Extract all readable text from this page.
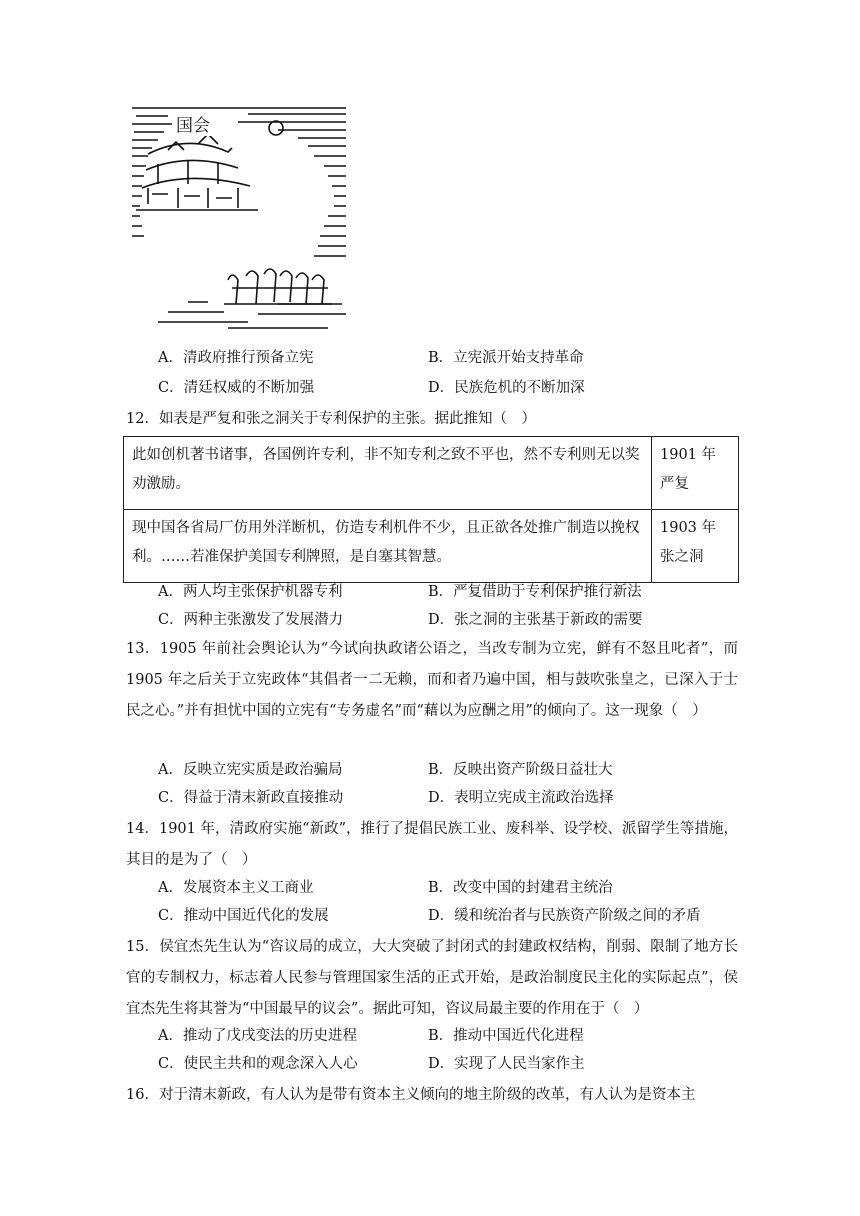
国会
A．清政府推行预备立宪	B．立宪派开始支持革命
C．清廷权威的不断加强	D．民族危机的不断加深
12．如表是严复和张之洞关于专利保护的主张。据此推知（　）
此如创机著书诸事，各国例许专利，非不知专利之致不平也，然不专利则无以奖劝激励。	1901 年严复
现中国各省局厂仿用外洋断机，仿造专利机件不少，且正欲各处推广制造以挽权利。……若准保护美国专利牌照，是自塞其智慧。	1903 年张之洞
A．两人均主张保护机器专利	B．严复借助于专利保护推行新法
C．两种主张激发了发展潜力	D．张之洞的主张基于新政的需要
13．1905 年前社会舆论认为“今试向执政诸公语之，当改专制为立宪，鲜有不怒且叱者”，而 1905 年之后关于立宪政体“其倡者一二无赖，而和者乃遍中国，相与鼓吹张皇之，已深入于士民之心。”并有担忧中国的立宪有“专务虚名”而“藉以为应酬之用”的倾向了。这一现象（　）
A．反映立宪实质是政治骗局	B．反映出资产阶级日益壮大
C．得益于清末新政直接推动	D．表明立宪成主流政治选择
14．1901 年，清政府实施“新政”，推行了提倡民族工业、废科举、设学校、派留学生等措施，其目的是为了（　）
A．发展资本主义工商业	B．改变中国的封建君主统治
C．推动中国近代化的发展	D．缓和统治者与民族资产阶级之间的矛盾
15．侯宜杰先生认为“咨议局的成立，大大突破了封闭式的封建政权结构，削弱、限制了地方长官的专制权力，标志着人民参与管理国家生活的正式开始，是政治制度民主化的实际起点”，侯宜杰先生将其誉为“中国最早的议会”。据此可知，咨议局最主要的作用在于（　）
A．推动了戊戌变法的历史进程	B．推动中国近代化进程
C．使民主共和的观念深入人心	D．实现了人民当家作主
16．对于清末新政，有人认为是带有资本主义倾向的地主阶级的改革，有人认为是资本主
